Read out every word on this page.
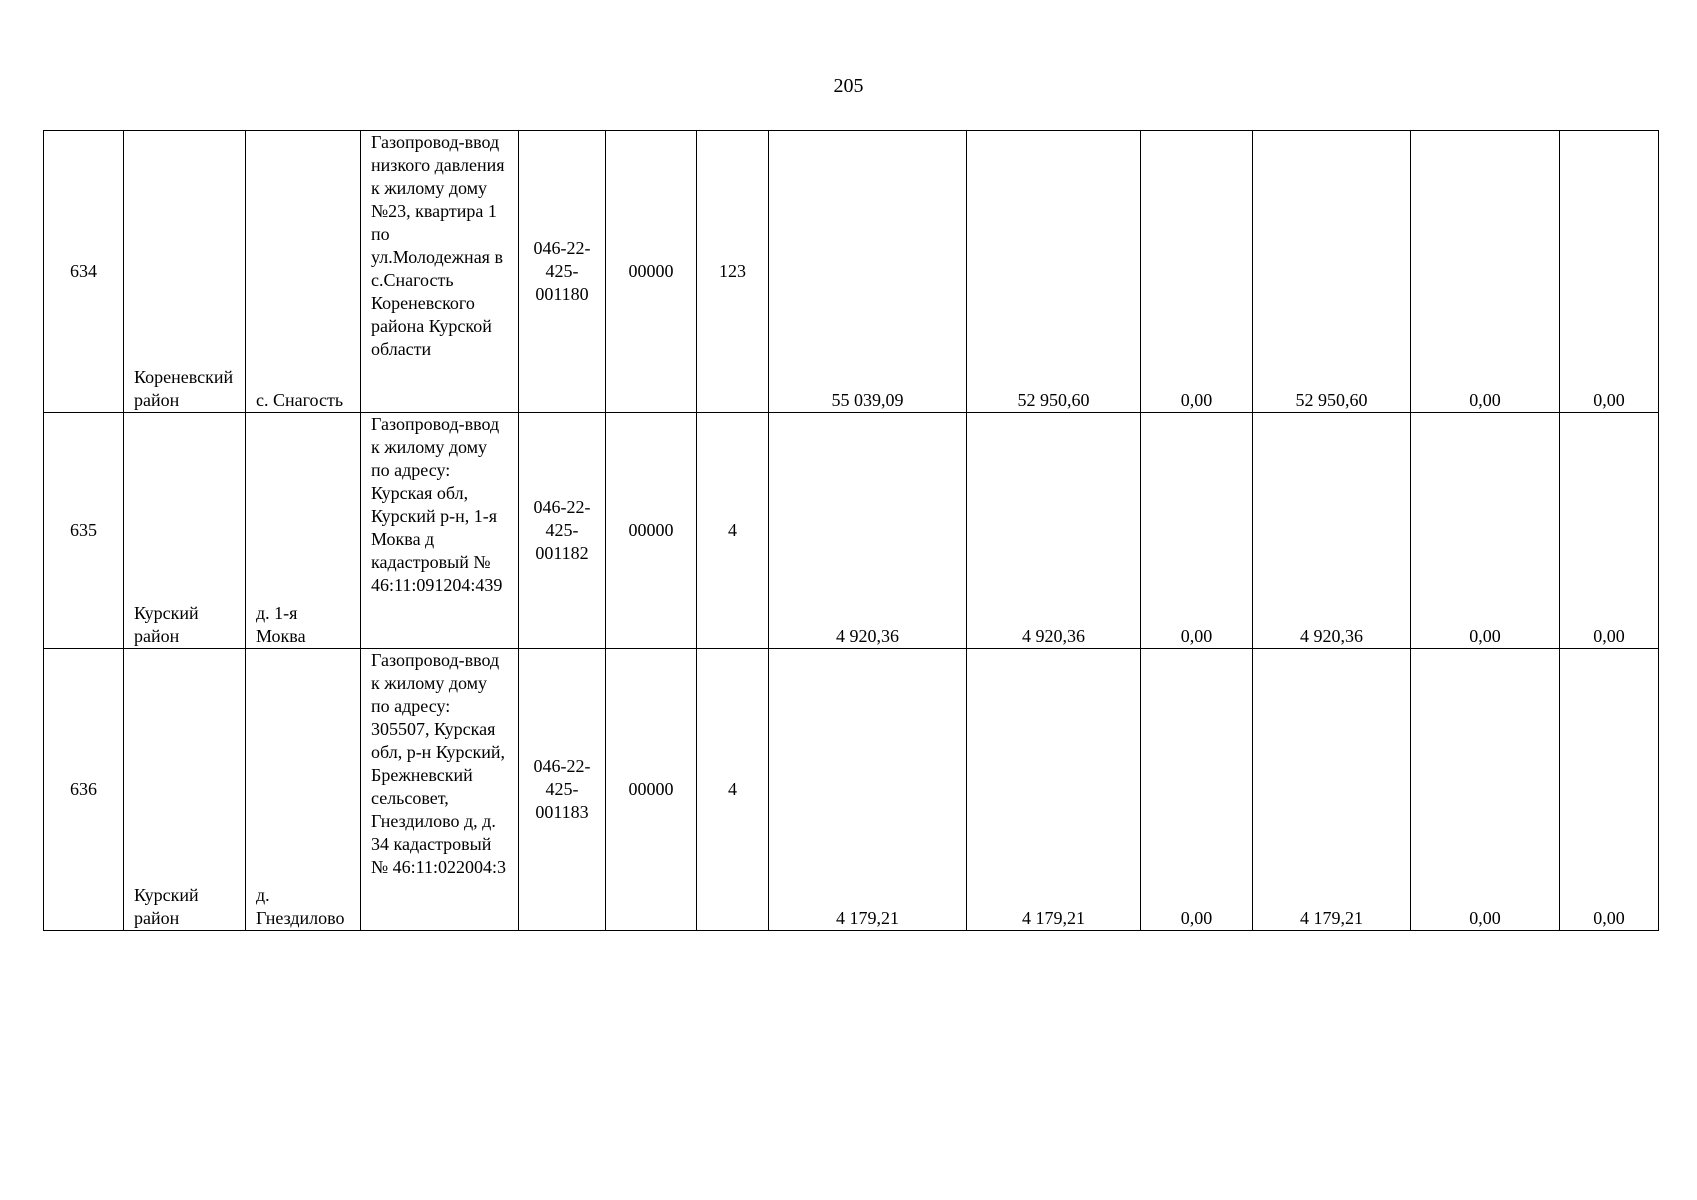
205
634	Кореневский район	с. Снагость	Газопровод-ввод низкого давления к жилому дому №23, квартира 1 по ул.Молодежная в с.Снагость Кореневского района Курской области	046-22-425-001180	00000	123	55 039,09	52 950,60	0,00	52 950,60	0,00	0,00
635	Курский район	д. 1-я Моква	Газопровод-ввод к жилому дому по адресу: Курская обл, Курский р-н, 1-я Моква д кадастровый № 46:11:091204:439	046-22-425-001182	00000	4	4 920,36	4 920,36	0,00	4 920,36	0,00	0,00
636	Курский район	д. Гнездилово	Газопровод-ввод к жилому дому по адресу: 305507, Курская обл, р-н Курский, Брежневский сельсовет, Гнездилово д, д. 34 кадастровый № 46:11:022004:3	046-22-425-001183	00000	4	4 179,21	4 179,21	0,00	4 179,21	0,00	0,00
